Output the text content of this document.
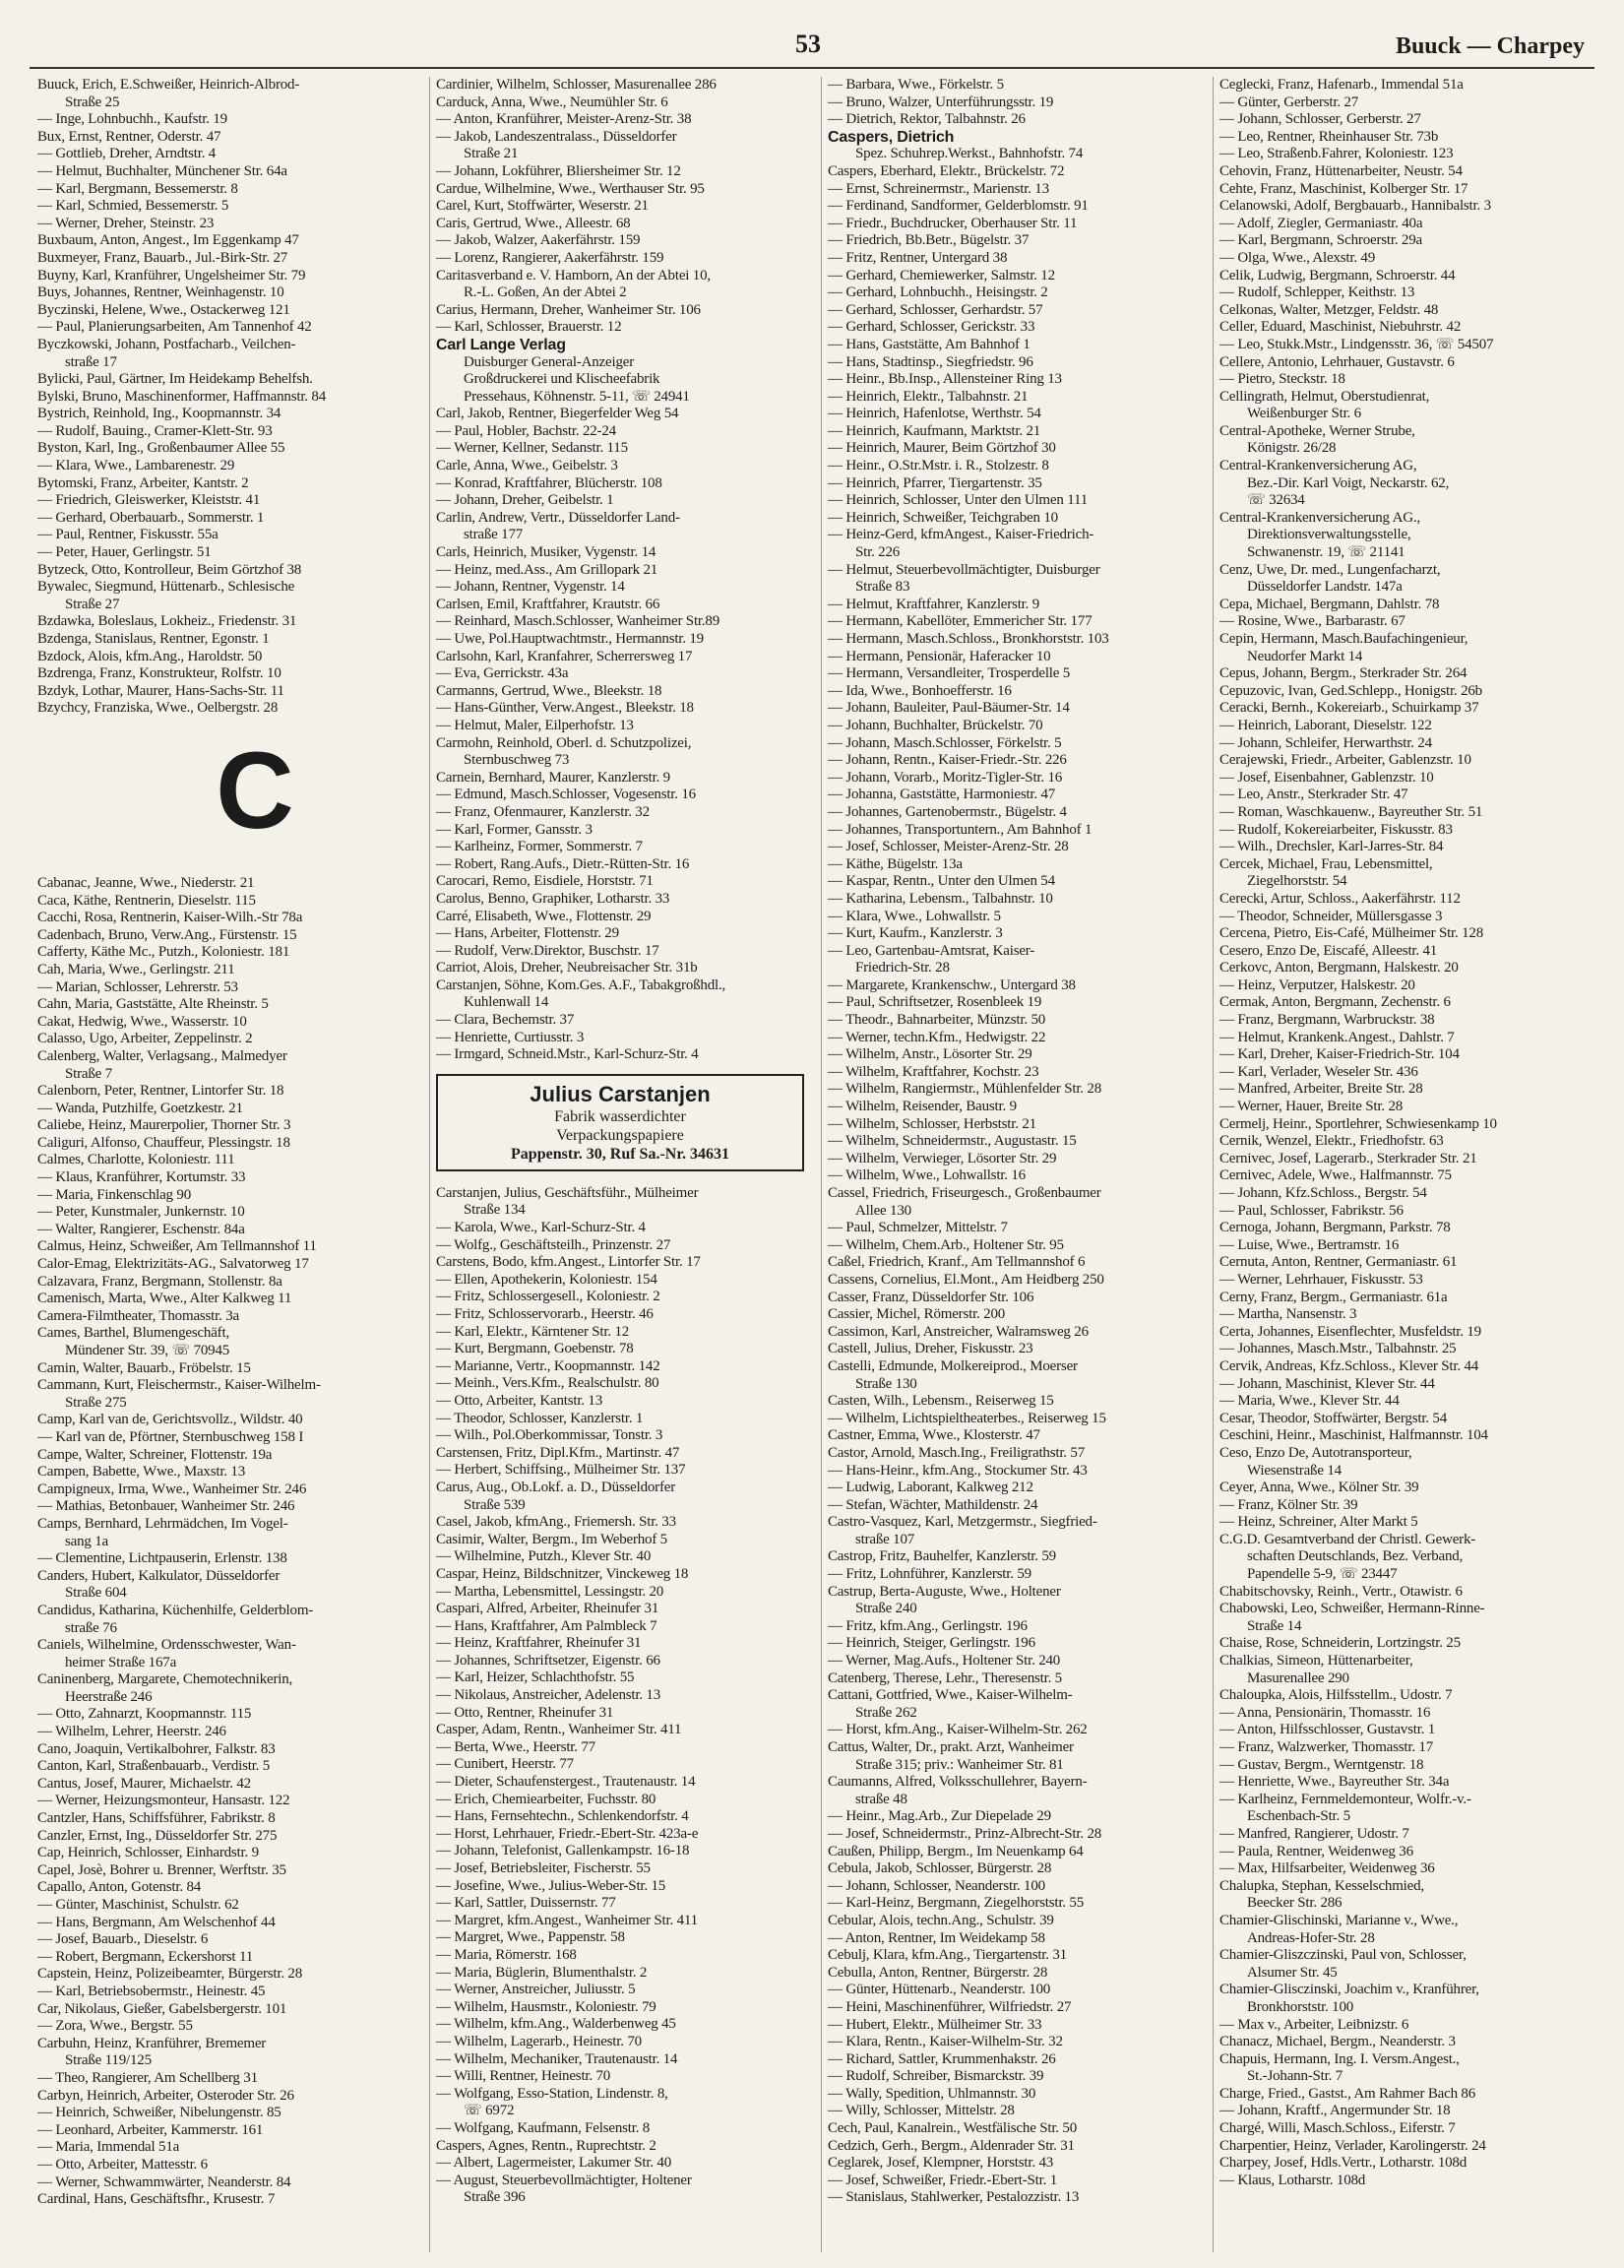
53	Buuck — Charpey
Buuck, Erich, E.Schweißer, Heinrich-Albrod-
Straße 25
— Inge, Lohnbuchh., Kaufstr. 19
Bux, Ernst, Rentner, Oderstr. 47
— Gottlieb, Dreher, Arndtstr. 4
— Helmut, Buchhalter, Münchener Str. 64a
— Karl, Bergmann, Bessemerstr. 8
— Karl, Schmied, Bessemerstr. 5
— Werner, Dreher, Steinstr. 23
Buxbaum, Anton, Angest., Im Eggenkamp 47
Buxmeyer, Franz, Bauarb., Jul.-Birk-Str. 27
Buyny, Karl, Kranführer, Ungelsheimer Str. 79
Buys, Johannes, Rentner, Weinhagenstr. 10
Byczinski, Helene, Wwe., Ostackerweg 121
— Paul, Planierungsarbeiten, Am Tannenhof 42
Byczkowski, Johann, Postfacharb., Veilchen-
straße 17
Bylicki, Paul, Gärtner, Im Heidekamp Behelfsh.
Bylski, Bruno, Maschinenformer, Haffmannstr. 84
Bystrich, Reinhold, Ing., Koopmannstr. 34
— Rudolf, Bauing., Cramer-Klett-Str. 93
Byston, Karl, Ing., Großenbaumer Allee 55
— Klara, Wwe., Lambarenestr. 29
Bytomski, Franz, Arbeiter, Kantstr. 2
— Friedrich, Gleiswerker, Kleiststr. 41
— Gerhard, Oberbauarb., Sommerstr. 1
— Paul, Rentner, Fiskusstr. 55a
— Peter, Hauer, Gerlingstr. 51
Bytzeck, Otto, Kontrolleur, Beim Görtzhof 38
Bywalec, Siegmund, Hüttenarb., Schlesische
Straße 27
Bzdawka, Boleslaus, Lokheiz., Friedenstr. 31
Bzdenga, Stanislaus, Rentner, Egonstr. 1
Bzdock, Alois, kfm.Ang., Haroldstr. 50
Bzdrenga, Franz, Konstrukteur, Rolfstr. 10
Bzdyk, Lothar, Maurer, Hans-Sachs-Str. 11
Bzychcy, Franziska, Wwe., Oelbergstr. 28
C
Cabanac, Jeanne, Wwe., Niederstr. 21
Caca, Käthe, Rentnerin, Dieselstr. 115
Cacchi, Rosa, Rentnerin, Kaiser-Wilh.-Str 78a
Cadenbach, Bruno, Verw.Ang., Fürstenstr. 15
Cafferty, Käthe Mc., Putzh., Koloniestr. 181
Cah, Maria, Wwe., Gerlingstr. 211
— Marian, Schlosser, Lehrerstr. 53
Cahn, Maria, Gaststätte, Alte Rheinstr. 5
Cakat, Hedwig, Wwe., Wasserstr. 10
Calasso, Ugo, Arbeiter, Zeppelinstr. 2
Calenberg, Walter, Verlagsang., Malmedyer
Straße 7
Calenborn, Peter, Rentner, Lintorfer Str. 18
— Wanda, Putzhilfe, Goetzkestr. 21
Caliebe, Heinz, Maurerpolier, Thorner Str. 3
Caliguri, Alfonso, Chauffeur, Plessingstr. 18
Calmes, Charlotte, Koloniestr. 111
— Klaus, Kranführer, Kortumstr. 33
— Maria, Finkenschlag 90
— Peter, Kunstmaler, Junkernstr. 10
— Walter, Rangierer, Eschenstr. 84a
Calmus, Heinz, Schweißer, Am Tellmannshof 11
Calor-Emag, Elektrizitäts-AG., Salvatorweg 17
Calzavara, Franz, Bergmann, Stollenstr. 8a
Camenisch, Marta, Wwe., Alter Kalkweg 11
Camera-Filmtheater, Thomasstr. 3a
Cames, Barthel, Blumengeschäft,
Mündener Str. 39, ☏ 70945
Camin, Walter, Bauarb., Fröbelstr. 15
Cammann, Kurt, Fleischermstr., Kaiser-Wilhelm-
Straße 275
Camp, Karl van de, Gerichtsvollz., Wildstr. 40
— Karl van de, Pförtner, Sternbuschweg 158 I
Campe, Walter, Schreiner, Flottenstr. 19a
Campen, Babette, Wwe., Maxstr. 13
Campigneux, Irma, Wwe., Wanheimer Str. 246
— Mathias, Betonbauer, Wanheimer Str. 246
Camps, Bernhard, Lehrmädchen, Im Vogel-
sang 1a
— Clementine, Lichtpauserin, Erlenstr. 138
Canders, Hubert, Kalkulator, Düsseldorfer
Straße 604
Candidus, Katharina, Küchenhilfe, Gelderblom-
straße 76
Caniels, Wilhelmine, Ordensschwester, Wan-
heimer Straße 167a
Caninenberg, Margarete, Chemotechnikerin,
Heerstraße 246
— Otto, Zahnarzt, Koopmannstr. 115
— Wilhelm, Lehrer, Heerstr. 246
Cano, Joaquin, Vertikalbohrer, Falkstr. 83
Canton, Karl, Straßenbauarb., Verdistr. 5
Cantus, Josef, Maurer, Michaelstr. 42
— Werner, Heizungsmonteur, Hansastr. 122
Cantzler, Hans, Schiffsführer, Fabrikstr. 8
Canzler, Ernst, Ing., Düsseldorfer Str. 275
Cap, Heinrich, Schlosser, Einhardstr. 9
Capel, Josè, Bohrer u. Brenner, Werftstr. 35
Capallo, Anton, Gotenstr. 84
— Günter, Maschinist, Schulstr. 62
— Hans, Bergmann, Am Welschenhof 44
— Josef, Bauarb., Dieselstr. 6
— Robert, Bergmann, Eckershorst 11
Capstein, Heinz, Polizeibeamter, Bürgerstr. 28
— Karl, Betriebsobermstr., Heinestr. 45
Car, Nikolaus, Gießer, Gabelsbergerstr. 101
— Zora, Wwe., Bergstr. 55
Carbuhn, Heinz, Kranführer, Brememer
Straße 119/125
— Theo, Rangierer, Am Schellberg 31
Carbyn, Heinrich, Arbeiter, Osteroder Str. 26
— Heinrich, Schweißer, Nibelungenstr. 85
— Leonhard, Arbeiter, Kammerstr. 161
— Maria, Immendal 51a
— Otto, Arbeiter, Mattesstr. 6
— Werner, Schwammwärter, Neanderstr. 84
Cardinal, Hans, Geschäftsfhr., Krusestr. 7
Cardinier, Wilhelm, Schlosser, Masurenallee 286
Carduck, Anna, Wwe., Neumühler Str. 6
— Anton, Kranführer, Meister-Arenz-Str. 38
— Jakob, Landeszentralass., Düsseldorfer
Straße 21
— Johann, Lokführer, Bliersheimer Str. 12
Cardue, Wilhelmine, Wwe., Werthauser Str. 95
Carel, Kurt, Stoffwärter, Weserstr. 21
Caris, Gertrud, Wwe., Alleestr. 68
— Jakob, Walzer, Aakerfährstr. 159
— Lorenz, Rangierer, Aakerfährstr. 159
Caritasverband e. V. Hamborn, An der Abtei 10,
R.-L. Goßen, An der Abtei 2
Carius, Hermann, Dreher, Wanheimer Str. 106
— Karl, Schlosser, Brauerstr. 12
Carl Lange Verlag
Duisburger General-Anzeiger
Großdruckerei und Klischeefabrik
Pressehaus, Köhnenstr. 5-11, ☏ 24941
Carl, Jakob, Rentner, Biegerfelder Weg 54
— Paul, Hobler, Bachstr. 22-24
— Werner, Kellner, Sedanstr. 115
Carle, Anna, Wwe., Geibelstr. 3
— Konrad, Kraftfahrer, Blücherstr. 108
— Johann, Dreher, Geibelstr. 1
Carlin, Andrew, Vertr., Düsseldorfer Land-
straße 177
Carls, Heinrich, Musiker, Vygenstr. 14
— Heinz, med.Ass., Am Grillopark 21
— Johann, Rentner, Vygenstr. 14
Carlsen, Emil, Kraftfahrer, Krautstr. 66
— Reinhard, Masch.Schlosser, Wanheimer Str.89
— Uwe, Pol.Hauptwachtmstr., Hermannstr. 19
Carlsohn, Karl, Kranfahrer, Scherrersweg 17
— Eva, Gerrickstr. 43a
Carmanns, Gertrud, Wwe., Bleekstr. 18
— Hans-Günther, Verw.Angest., Bleekstr. 18
— Helmut, Maler, Eilperhofstr. 13
Carmohn, Reinhold, Oberl. d. Schutzpolizei,
Sternbuschweg 73
Carnein, Bernhard, Maurer, Kanzlerstr. 9
— Edmund, Masch.Schlosser, Vogesenstr. 16
— Franz, Ofenmaurer, Kanzlerstr. 32
— Karl, Former, Gansstr. 3
— Karlheinz, Former, Sommerstr. 7
— Robert, Rang.Aufs., Dietr.-Rütten-Str. 16
Carocari, Remo, Eisdiele, Horststr. 71
Carolus, Benno, Graphiker, Lotharstr. 33
Carré, Elisabeth, Wwe., Flottenstr. 29
— Hans, Arbeiter, Flottenstr. 29
— Rudolf, Verw.Direktor, Buschstr. 17
Carriot, Alois, Dreher, Neubreisacher Str. 31b
Carstanjen, Söhne, Kom.Ges. A.F., Tabakgroßhdl.,
Kuhlenwall 14
— Clara, Bechemstr. 37
— Henriette, Curtiusstr. 3
— Irmgard, Schneid.Mstr., Karl-Schurz-Str. 4
Julius Carstanjen
Fabrik wasserdichter
Verpackungspapiere
Pappenstr. 30, Ruf Sa.-Nr. 34631
Carstanjen, Julius, Geschäftsführ., Mülheimer
Straße 134
— Karola, Wwe., Karl-Schurz-Str. 4
— Wolfg., Geschäftsteilh., Prinzenstr. 27
Carstens, Bodo, kfm.Angest., Lintorfer Str. 17
— Ellen, Apothekerin, Koloniestr. 154
— Fritz, Schlossergesell., Koloniestr. 2
— Fritz, Schlosservorarb., Heerstr. 46
— Karl, Elektr., Kärntener Str. 12
— Kurt, Bergmann, Goebenstr. 78
— Marianne, Vertr., Koopmannstr. 142
— Meinh., Vers.Kfm., Realschulstr. 80
— Otto, Arbeiter, Kantstr. 13
— Theodor, Schlosser, Kanzlerstr. 1
— Wilh., Pol.Oberkommissar, Tonstr. 3
Carstensen, Fritz, Dipl.Kfm., Martinstr. 47
— Herbert, Schiffsing., Mülheimer Str. 137
Carus, Aug., Ob.Lokf. a. D., Düsseldorfer
Straße 539
Casel, Jakob, kfmAng., Friemersh. Str. 33
Casimir, Walter, Bergm., Im Weberhof 5
— Wilhelmine, Putzh., Klever Str. 40
Caspar, Heinz, Bildschnitzer, Vinckeweg 18
— Martha, Lebensmittel, Lessingstr. 20
Caspari, Alfred, Arbeiter, Rheinufer 31
— Hans, Kraftfahrer, Am Palmbleck 7
— Heinz, Kraftfahrer, Rheinufer 31
— Johannes, Schriftsetzer, Eigenstr. 66
— Karl, Heizer, Schlachthofstr. 55
— Nikolaus, Anstreicher, Adelenstr. 13
— Otto, Rentner, Rheinufer 31
Casper, Adam, Rentn., Wanheimer Str. 411
— Berta, Wwe., Heerstr. 77
— Cunibert, Heerstr. 77
— Dieter, Schaufenstergest., Trautenaustr. 14
— Erich, Chemiearbeiter, Fuchsstr. 80
— Hans, Fernsehtechn., Schlenkendorfstr. 4
— Horst, Lehrhauer, Friedr.-Ebert-Str. 423a-e
— Johann, Telefonist, Gallenkampstr. 16-18
— Josef, Betriebsleiter, Fischerstr. 55
— Josefine, Wwe., Julius-Weber-Str. 15
— Karl, Sattler, Duissernstr. 77
— Margret, kfm.Angest., Wanheimer Str. 411
— Margret, Wwe., Pappenstr. 58
— Maria, Römerstr. 168
— Maria, Büglerin, Blumenthalstr. 2
— Werner, Anstreicher, Juliusstr. 5
— Wilhelm, Hausmstr., Koloniestr. 79
— Wilhelm, kfm.Ang., Walderbenweg 45
— Wilhelm, Lagerarb., Heinestr. 70
— Wilhelm, Mechaniker, Trautenaustr. 14
— Willi, Rentner, Heinestr. 70
— Wolfgang, Esso-Station, Lindenstr. 8,
☏ 6972
— Wolfgang, Kaufmann, Felsenstr. 8
Caspers, Agnes, Rentn., Ruprechtstr. 2
— Albert, Lagermeister, Lakumer Str. 40
— August, Steuerbevollmächtigter, Holtener
Straße 396
— Barbara, Wwe., Förkelstr. 5
— Bruno, Walzer, Unterführungsstr. 19
— Dietrich, Rektor, Talbahnstr. 26
Caspers, Dietrich
Spez. Schuhrep.Werkst., Bahnhofstr. 74
Caspers, Eberhard, Elektr., Brückelstr. 72
— Ernst, Schreinermstr., Marienstr. 13
— Ferdinand, Sandformer, Gelderblomstr. 91
— Friedr., Buchdrucker, Oberhauser Str. 11
— Friedrich, Bb.Betr., Bügelstr. 37
— Fritz, Rentner, Untergard 38
— Gerhard, Chemiewerker, Salmstr. 12
— Gerhard, Lohnbuchh., Heisingstr. 2
— Gerhard, Schlosser, Gerhardstr. 57
— Gerhard, Schlosser, Gerickstr. 33
— Hans, Gaststätte, Am Bahnhof 1
— Hans, Stadtinsp., Siegfriedstr. 96
— Heinr., Bb.Insp., Allensteiner Ring 13
— Heinrich, Elektr., Talbahnstr. 21
— Heinrich, Hafenlotse, Werthstr. 54
— Heinrich, Kaufmann, Marktstr. 21
— Heinrich, Maurer, Beim Görtzhof 30
— Heinr., O.Str.Mstr. i. R., Stolzestr. 8
— Heinrich, Pfarrer, Tiergartenstr. 35
— Heinrich, Schlosser, Unter den Ulmen 111
— Heinrich, Schweißer, Teichgraben 10
— Heinz-Gerd, kfmAngest., Kaiser-Friedrich-
Str. 226
— Helmut, Steuerbevollmächtigter, Duisburger
Straße 83
— Helmut, Kraftfahrer, Kanzlerstr. 9
— Hermann, Kabellöter, Emmericher Str. 177
— Hermann, Masch.Schloss., Bronkhorststr. 103
— Hermann, Pensionär, Haferacker 10
— Hermann, Versandleiter, Trosperdelle 5
— Ida, Wwe., Bonhoefferstr. 16
— Johann, Bauleiter, Paul-Bäumer-Str. 14
— Johann, Buchhalter, Brückelstr. 70
— Johann, Masch.Schlosser, Förkelstr. 5
— Johann, Rentn., Kaiser-Friedr.-Str. 226
— Johann, Vorarb., Moritz-Tigler-Str. 16
— Johanna, Gaststätte, Harmoniestr. 47
— Johannes, Gartenobermstr., Bügelstr. 4
— Johannes, Transportuntern., Am Bahnhof 1
— Josef, Schlosser, Meister-Arenz-Str. 28
— Käthe, Bügelstr. 13a
— Kaspar, Rentn., Unter den Ulmen 54
— Katharina, Lebensm., Talbahnstr. 10
— Klara, Wwe., Lohwallstr. 5
— Kurt, Kaufm., Kanzlerstr. 3
— Leo, Gartenbau-Amtsrat, Kaiser-
Friedrich-Str. 28
— Margarete, Krankenschw., Untergard 38
— Paul, Schriftsetzer, Rosenbleek 19
— Theodr., Bahnarbeiter, Münzstr. 50
— Werner, techn.Kfm., Hedwigstr. 22
— Wilhelm, Anstr., Lösorter Str. 29
— Wilhelm, Kraftfahrer, Kochstr. 23
— Wilhelm, Rangiermstr., Mühlenfelder Str. 28
— Wilhelm, Reisender, Baustr. 9
— Wilhelm, Schlosser, Herbststr. 21
— Wilhelm, Schneidermstr., Augustastr. 15
— Wilhelm, Verwieger, Lösorter Str. 29
— Wilhelm, Wwe., Lohwallstr. 16
Cassel, Friedrich, Friseurgesch., Großenbaumer
Allee 130
— Paul, Schmelzer, Mittelstr. 7
— Wilhelm, Chem.Arb., Holtener Str. 95
Caßel, Friedrich, Kranf., Am Tellmannshof 6
Cassens, Cornelius, El.Mont., Am Heidberg 250
Casser, Franz, Düsseldorfer Str. 106
Cassier, Michel, Römerstr. 200
Cassimon, Karl, Anstreicher, Walramsweg 26
Castell, Julius, Dreher, Fiskusstr. 23
Castelli, Edmunde, Molkereiprod., Moerser
Straße 130
Casten, Wilh., Lebensm., Reiserweg 15
— Wilhelm, Lichtspieltheaterbes., Reiserweg 15
Castner, Emma, Wwe., Klosterstr. 47
Castor, Arnold, Masch.Ing., Freiligrathstr. 57
— Hans-Heinr., kfm.Ang., Stockumer Str. 43
— Ludwig, Laborant, Kalkweg 212
— Stefan, Wächter, Mathildenstr. 24
Castro-Vasquez, Karl, Metzgermstr., Siegfried-
straße 107
Castrop, Fritz, Bauhelfer, Kanzlerstr. 59
— Fritz, Lohnführer, Kanzlerstr. 59
Castrup, Berta-Auguste, Wwe., Holtener
Straße 240
— Fritz, kfm.Ang., Gerlingstr. 196
— Heinrich, Steiger, Gerlingstr. 196
— Werner, Mag.Aufs., Holtener Str. 240
Catenberg, Therese, Lehr., Theresenstr. 5
Cattani, Gottfried, Wwe., Kaiser-Wilhelm-
Straße 262
— Horst, kfm.Ang., Kaiser-Wilhelm-Str. 262
Cattus, Walter, Dr., prakt. Arzt, Wanheimer
Straße 315; priv.: Wanheimer Str. 81
Caumanns, Alfred, Volksschullehrer, Bayern-
straße 48
— Heinr., Mag.Arb., Zur Diepelade 29
— Josef, Schneidermstr., Prinz-Albrecht-Str. 28
Caußen, Philipp, Bergm., Im Neuenkamp 64
Cebula, Jakob, Schlosser, Bürgerstr. 28
— Johann, Schlosser, Neanderstr. 100
— Karl-Heinz, Bergmann, Ziegelhorststr. 55
Cebular, Alois, techn.Ang., Schulstr. 39
— Anton, Rentner, Im Weidekamp 58
Cebulj, Klara, kfm.Ang., Tiergartenstr. 31
Cebulla, Anton, Rentner, Bürgerstr. 28
— Günter, Hüttenarb., Neanderstr. 100
— Heini, Maschinenführer, Wilfriedstr. 27
— Hubert, Elektr., Mülheimer Str. 33
— Klara, Rentn., Kaiser-Wilhelm-Str. 32
— Richard, Sattler, Krummenhakstr. 26
— Rudolf, Schreiber, Bismarckstr. 39
— Wally, Spedition, Uhlmannstr. 30
— Willy, Schlosser, Mittelstr. 28
Cech, Paul, Kanalrein., Westfälische Str. 50
Cedzich, Gerh., Bergm., Aldenrader Str. 31
Ceglarek, Josef, Klempner, Horststr. 43
— Josef, Schweißer, Friedr.-Ebert-Str. 1
— Stanislaus, Stahlwerker, Pestalozzistr. 13
Ceglecki, Franz, Hafenarb., Immendal 51a
— Günter, Gerberstr. 27
— Johann, Schlosser, Gerberstr. 27
— Leo, Rentner, Rheinhauser Str. 73b
— Leo, Straßenb.Fahrer, Koloniestr. 123
Cehovin, Franz, Hüttenarbeiter, Neustr. 54
Cehte, Franz, Maschinist, Kolberger Str. 17
Celanowski, Adolf, Bergbauarb., Hannibalstr. 3
— Adolf, Ziegler, Germaniastr. 40a
— Karl, Bergmann, Schroerstr. 29a
— Olga, Wwe., Alexstr. 49
Celik, Ludwig, Bergmann, Schroerstr. 44
— Rudolf, Schlepper, Keithstr. 13
Celkonas, Walter, Metzger, Feldstr. 48
Celler, Eduard, Maschinist, Niebuhrstr. 42
— Leo, Stukk.Mstr., Lindgensstr. 36, ☏ 54507
Cellere, Antonio, Lehrhauer, Gustavstr. 6
— Pietro, Steckstr. 18
Cellingrath, Helmut, Oberstudienrat,
Weißenburger Str. 6
Central-Apotheke, Werner Strube,
Königstr. 26/28
Central-Krankenversicherung AG,
Bez.-Dir. Karl Voigt, Neckarstr. 62,
☏ 32634
Central-Krankenversicherung AG.,
Direktionsverwaltungsstelle,
Schwanenstr. 19, ☏ 21141
Cenz, Uwe, Dr. med., Lungenfacharzt,
Düsseldorfer Landstr. 147a
Cepa, Michael, Bergmann, Dahlstr. 78
— Rosine, Wwe., Barbarastr. 67
Cepin, Hermann, Masch.Baufachingenieur,
Neudorfer Markt 14
Cepus, Johann, Bergm., Sterkrader Str. 264
Cepuzovic, Ivan, Ged.Schlepp., Honigstr. 26b
Ceracki, Bernh., Kokereiarb., Schuirkamp 37
— Heinrich, Laborant, Dieselstr. 122
— Johann, Schleifer, Herwarthstr. 24
Cerajewski, Friedr., Arbeiter, Gablenzstr. 10
— Josef, Eisenbahner, Gablenzstr. 10
— Leo, Anstr., Sterkrader Str. 47
— Roman, Waschkauenw., Bayreuther Str. 51
— Rudolf, Kokereiarbeiter, Fiskusstr. 83
— Wilh., Drechsler, Karl-Jarres-Str. 84
Cercek, Michael, Frau, Lebensmittel,
Ziegelhorststr. 54
Cerecki, Artur, Schloss., Aakerfährstr. 112
— Theodor, Schneider, Müllersgasse 3
Cercena, Pietro, Eis-Café, Mülheimer Str. 128
Cesero, Enzo De, Eiscafé, Alleestr. 41
Cerkovc, Anton, Bergmann, Halskestr. 20
— Heinz, Verputzer, Halskestr. 20
Cermak, Anton, Bergmann, Zechenstr. 6
— Franz, Bergmann, Warbruckstr. 38
— Helmut, Krankenk.Angest., Dahlstr. 7
— Karl, Dreher, Kaiser-Friedrich-Str. 104
— Karl, Verlader, Weseler Str. 436
— Manfred, Arbeiter, Breite Str. 28
— Werner, Hauer, Breite Str. 28
Cermelj, Heinr., Sportlehrer, Schwiesenkamp 10
Cernik, Wenzel, Elektr., Friedhofstr. 63
Cernivec, Josef, Lagerarb., Sterkrader Str. 21
Cernivec, Adele, Wwe., Halfmannstr. 75
— Johann, Kfz.Schloss., Bergstr. 54
— Paul, Schlosser, Fabrikstr. 56
Cernoga, Johann, Bergmann, Parkstr. 78
— Luise, Wwe., Bertramstr. 16
Cernuta, Anton, Rentner, Germaniastr. 61
— Werner, Lehrhauer, Fiskusstr. 53
Cerny, Franz, Bergm., Germaniastr. 61a
— Martha, Nansenstr. 3
Certa, Johannes, Eisenflechter, Musfeldstr. 19
— Johannes, Masch.Mstr., Talbahnstr. 25
Cervik, Andreas, Kfz.Schloss., Klever Str. 44
— Johann, Maschinist, Klever Str. 44
— Maria, Wwe., Klever Str. 44
Cesar, Theodor, Stoffwärter, Bergstr. 54
Ceschini, Heinr., Maschinist, Halfmannstr. 104
Ceso, Enzo De, Autotransporteur,
Wiesenstraße 14
Ceyer, Anna, Wwe., Kölner Str. 39
— Franz, Kölner Str. 39
— Heinz, Schreiner, Alter Markt 5
C.G.D. Gesamtverband der Christl. Gewerk-
schaften Deutschlands, Bez. Verband,
Papendelle 5-9, ☏ 23447
Chabitschovsky, Reinh., Vertr., Otawistr. 6
Chabowski, Leo, Schweißer, Hermann-Rinne-
Straße 14
Chaise, Rose, Schneiderin, Lortzingstr. 25
Chalkias, Simeon, Hüttenarbeiter,
Masurenallee 290
Chaloupka, Alois, Hilfsstellm., Udostr. 7
— Anna, Pensionärin, Thomasstr. 16
— Anton, Hilfsschlosser, Gustavstr. 1
— Franz, Walzwerker, Thomasstr. 17
— Gustav, Bergm., Werntgenstr. 18
— Henriette, Wwe., Bayreuther Str. 34a
— Karlheinz, Fernmeldemonteur, Wolfr.-v.-
Eschenbach-Str. 5
— Manfred, Rangierer, Udostr. 7
— Paula, Rentner, Weidenweg 36
— Max, Hilfsarbeiter, Weidenweg 36
Chalupka, Stephan, Kesselschmied,
Beecker Str. 286
Chamier-Glischinski, Marianne v., Wwe.,
Andreas-Hofer-Str. 28
Chamier-Gliszczinski, Paul von, Schlosser,
Alsumer Str. 45
Chamier-Glisczinski, Joachim v., Kranführer,
Bronkhorststr. 100
— Max v., Arbeiter, Leibnizstr. 6
Chanacz, Michael, Bergm., Neanderstr. 3
Chapuis, Hermann, Ing. I. Versm.Angest.,
St.-Johann-Str. 7
Charge, Fried., Gastst., Am Rahmer Bach 86
— Johann, Kraftf., Angermunder Str. 18
Chargé, Willi, Masch.Schloss., Eiferstr. 7
Charpentier, Heinz, Verlader, Karolingerstr. 24
Charpey, Josef, Hdls.Vertr., Lotharstr. 108d
— Klaus, Lotharstr. 108d
